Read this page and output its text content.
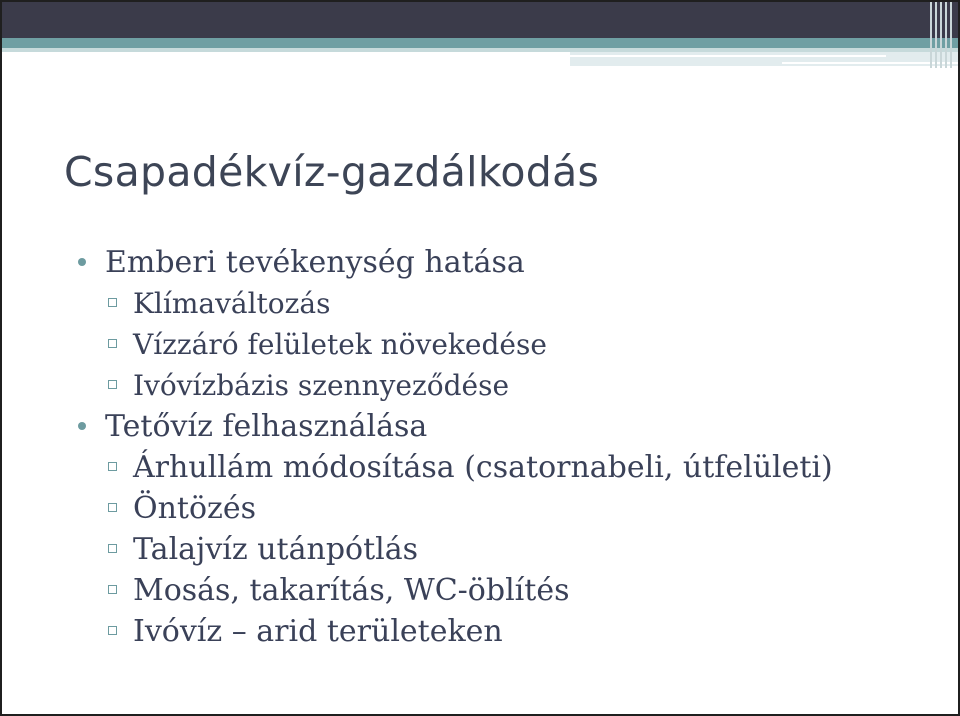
Csapadékvíz-gazdálkodás
Emberi tevékenység hatása
Klímaváltozás
Vízzáró felületek növekedése
Ivóvízbázis szennyeződése
Tetővíz felhasználása
Árhullám módosítása (csatornabeli, útfelületi)
Öntözés
Talajvíz utánpótlás
Mosás, takarítás, WC-öblítés
Ivóvíz – arid területeken
